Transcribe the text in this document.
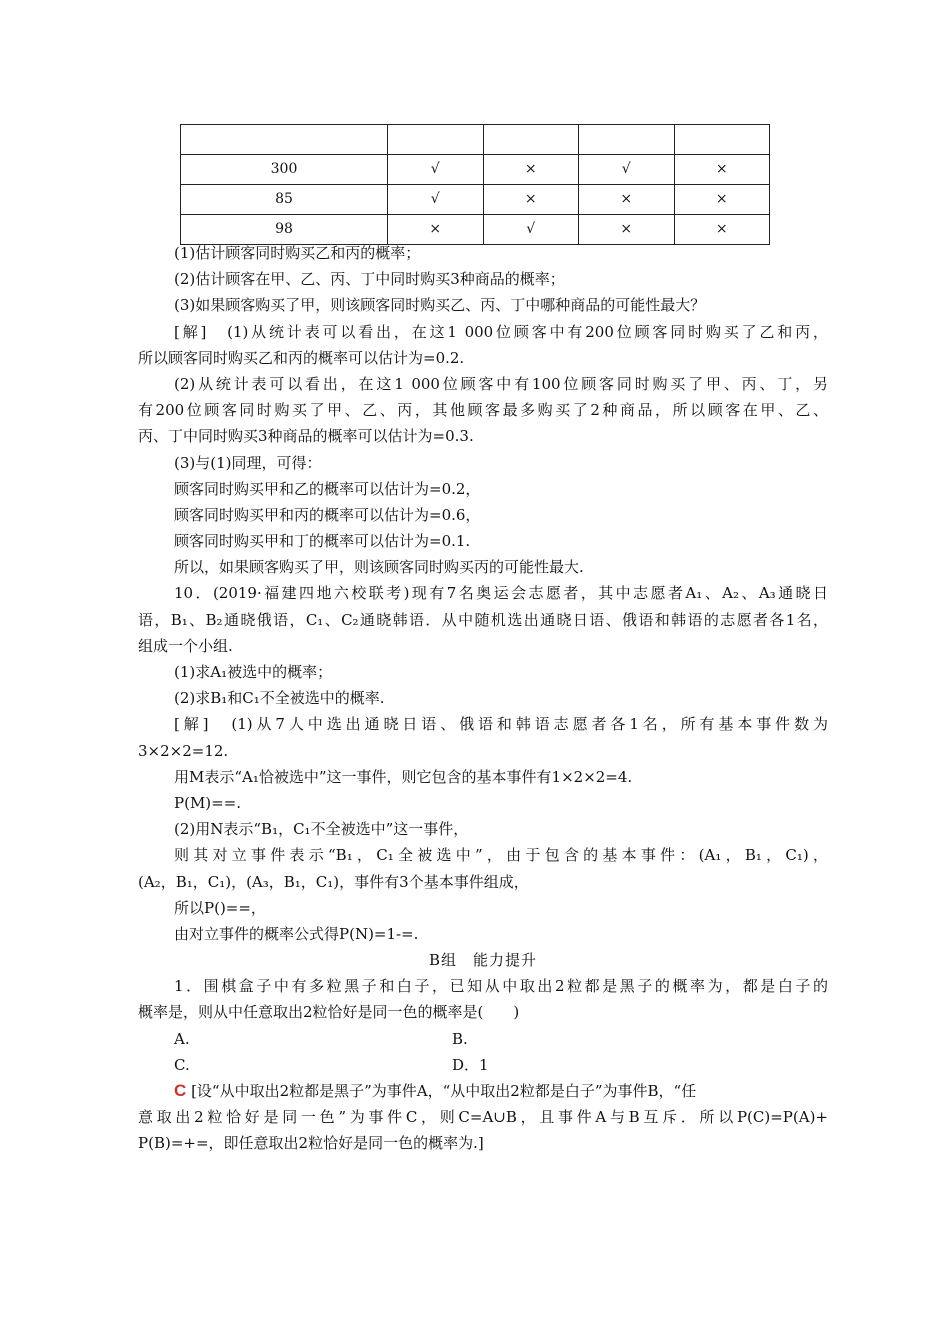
300	√	×	√	×
85	√	×	×	×
98	×	√	×	×
(1)估计顾客同时购买乙和丙的概率；
(2)估计顾客在甲、乙、丙、丁中同时购买3种商品的概率；
(3)如果顾客购买了甲，则该顾客同时购买乙、丙、丁中哪种商品的可能性最大？
[解]　(1)从统计表可以看出，在这1 000位顾客中有200位顾客同时购买了乙和丙，
所以顾客同时购买乙和丙的概率可以估计为=0.2.
(2)从统计表可以看出，在这1 000位顾客中有100位顾客同时购买了甲、丙、丁，另
有200位顾客同时购买了甲、乙、丙，其他顾客最多购买了2种商品，所以顾客在甲、乙、
丙、丁中同时购买3种商品的概率可以估计为=0.3.
(3)与(1)同理，可得：
顾客同时购买甲和乙的概率可以估计为=0.2，
顾客同时购买甲和丙的概率可以估计为=0.6，
顾客同时购买甲和丁的概率可以估计为=0.1.
所以，如果顾客购买了甲，则该顾客同时购买丙的可能性最大.
10．(2019·福建四地六校联考)现有7名奥运会志愿者，其中志愿者A₁、A₂、A₃通晓日
语，B₁、B₂通晓俄语，C₁、C₂通晓韩语．从中随机选出通晓日语、俄语和韩语的志愿者各1名，
组成一个小组.
(1)求A₁被选中的概率；
(2)求B₁和C₁不全被选中的概率.
[解]　(1)从7人中选出通晓日语、俄语和韩语志愿者各1名，所有基本事件数为
3×2×2=12.
用M表示“A₁恰被选中”这一事件，则它包含的基本事件有1×2×2=4.
P(M)==.
(2)用N表示“B₁，C₁不全被选中”这一事件，
则其对立事件表示“B₁，C₁全被选中”，由于包含的基本事件：(A₁，B₁，C₁)，
(A₂，B₁，C₁)，(A₃，B₁，C₁)，事件有3个基本事件组成，
所以P()==，
由对立事件的概率公式得P(N)=1-=.
B组　能力提升
1．围棋盒子中有多粒黑子和白子，已知从中取出2粒都是黑子的概率为，都是白子的
概率是，则从中任意取出2粒恰好是同一色的概率是(　　)
A.	B.
C.	D．1
C [设“从中取出2粒都是黑子”为事件A，“从中取出2粒都是白子”为事件B，“任
意取出2粒恰好是同一色”为事件C，则C=A∪B，且事件A与B互斥．所以P(C)=P(A)+
P(B)=+=，即任意取出2粒恰好是同一色的概率为.]
